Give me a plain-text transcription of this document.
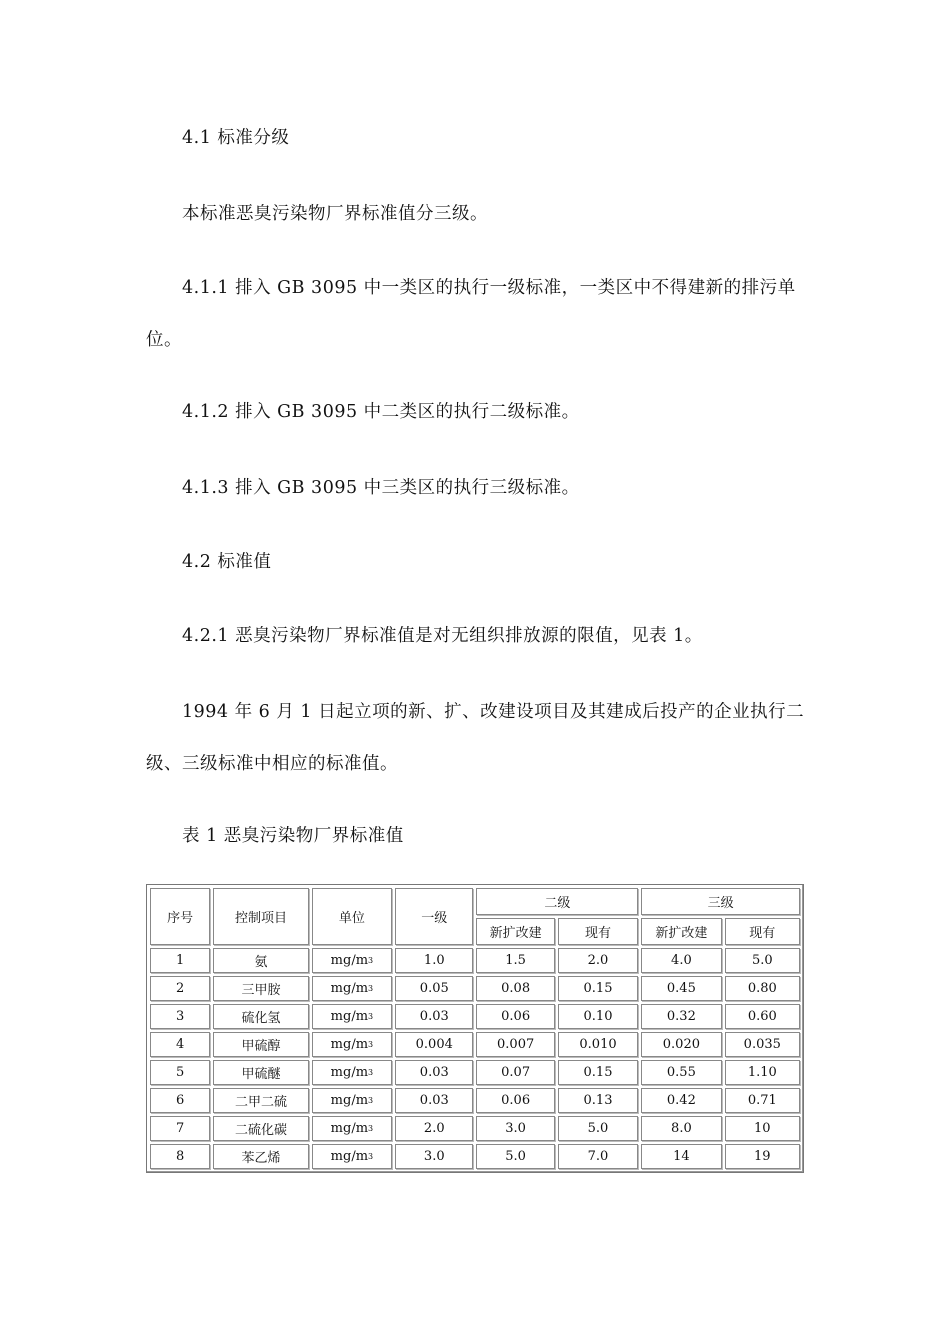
4.1 标准分级

本标准恶臭污染物厂界标准值分三级。

4.1.1 排入 GB 3095 中一类区的执行一级标准，一类区中不得建新的排污单位。

4.1.2 排入 GB 3095 中二类区的执行二级标准。

4.1.3 排入 GB 3095 中三类区的执行三级标准。

4.2 标准值

4.2.1 恶臭污染物厂界标准值是对无组织排放源的限值，见表 1。

1994 年 6 月 1 日起立项的新、扩、改建设项目及其建成后投产的企业执行二级、三级标准中相应的标准值。

表 1 恶臭污染物厂界标准值

序号	控制项目	单位	一级	二级		三级	
				新扩改建	现有	新扩改建	现有
1	氨	mg/m3	1.0	1.5	2.0	4.0	5.0
2	三甲胺	mg/m3	0.05	0.08	0.15	0.45	0.80
3	硫化氢	mg/m3	0.03	0.06	0.10	0.32	0.60
4	甲硫醇	mg/m3	0.004	0.007	0.010	0.020	0.035
5	甲硫醚	mg/m3	0.03	0.07	0.15	0.55	1.10
6	二甲二硫	mg/m3	0.03	0.06	0.13	0.42	0.71
7	二硫化碳	mg/m3	2.0	3.0	5.0	8.0	10
8	苯乙烯	mg/m3	3.0	5.0	7.0	14	19
